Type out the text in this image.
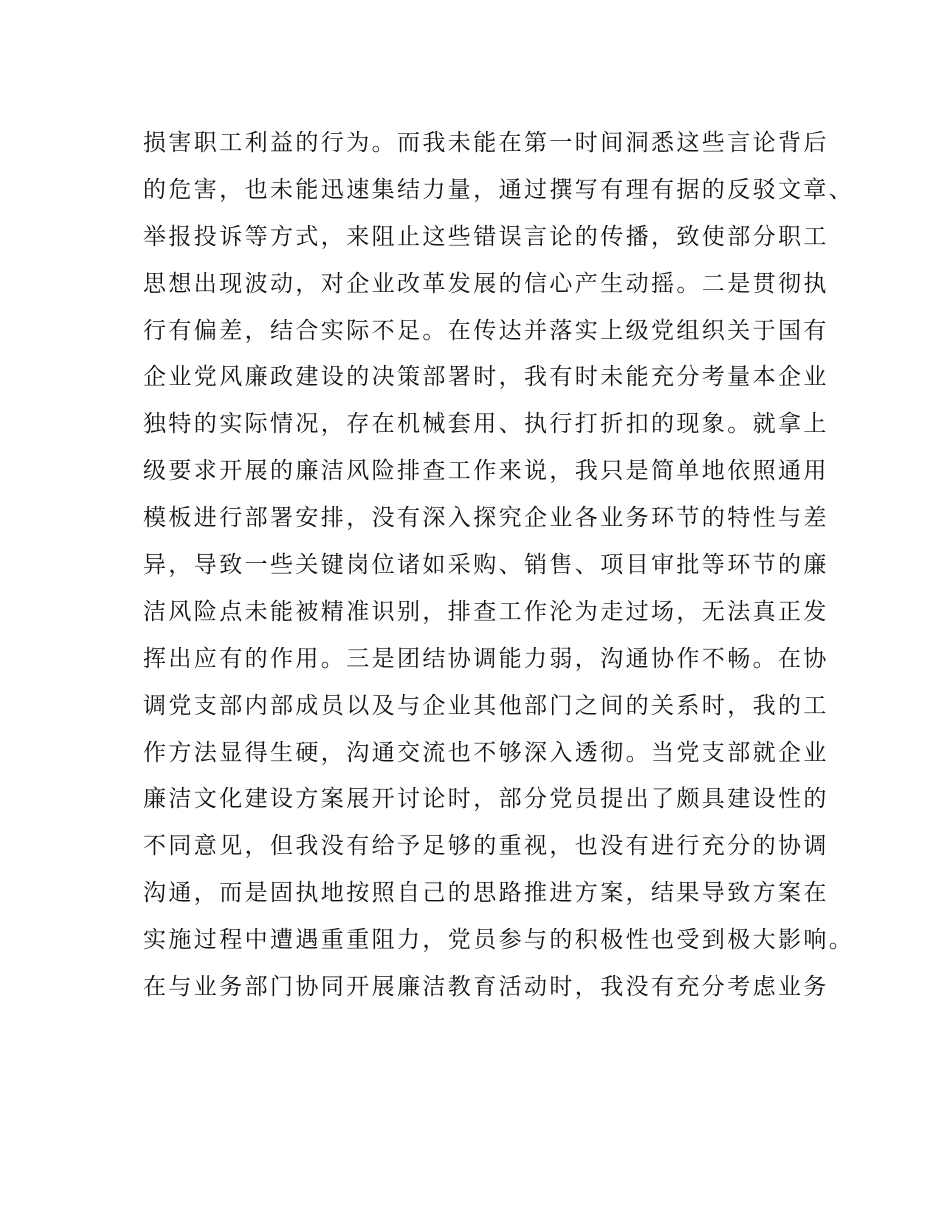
损害职工利益的行为。而我未能在第一时间洞悉这些言论背后
的危害，也未能迅速集结力量，通过撰写有理有据的反驳文章、
举报投诉等方式，来阻止这些错误言论的传播，致使部分职工
思想出现波动，对企业改革发展的信心产生动摇。二是贯彻执
行有偏差，结合实际不足。在传达并落实上级党组织关于国有
企业党风廉政建设的决策部署时，我有时未能充分考量本企业
独特的实际情况，存在机械套用、执行打折扣的现象。就拿上
级要求开展的廉洁风险排查工作来说，我只是简单地依照通用
模板进行部署安排，没有深入探究企业各业务环节的特性与差
异，导致一些关键岗位诸如采购、销售、项目审批等环节的廉
洁风险点未能被精准识别，排查工作沦为走过场，无法真正发
挥出应有的作用。三是团结协调能力弱，沟通协作不畅。在协
调党支部内部成员以及与企业其他部门之间的关系时，我的工
作方法显得生硬，沟通交流也不够深入透彻。当党支部就企业
廉洁文化建设方案展开讨论时，部分党员提出了颇具建设性的
不同意见，但我没有给予足够的重视，也没有进行充分的协调
沟通，而是固执地按照自己的思路推进方案，结果导致方案在
实施过程中遭遇重重阻力，党员参与的积极性也受到极大影响。
在与业务部门协同开展廉洁教育活动时，我没有充分考虑业务
